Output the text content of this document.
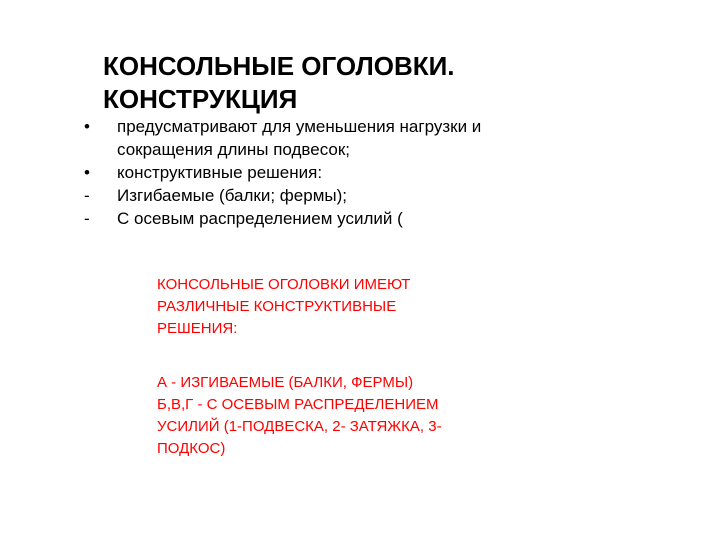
КОНСОЛЬНЫЕ ОГОЛОВКИ.
КОНСТРУКЦИЯ
•	предусматривают для уменьшения нагрузки и
сокращения длины подвесок;
•	конструктивные решения:
-	Изгибаемые (балки; фермы);
-	С осевым распределением усилий (

КОНСОЛЬНЫЕ ОГОЛОВКИ ИМЕЮТ

РАЗЛИЧНЫЕ КОНСТРУКТИВНЫЕ

РЕШЕНИЯ:

А - ИЗГИВАЕМЫЕ (БАЛКИ, ФЕРМЫ)

Б,В,Г - С ОСЕВЫМ РАСПРЕДЕЛЕНИЕМ

УСИЛИЙ (1-ПОДВЕСКА, 2- ЗАТЯЖКА, 3-

ПОДКОС)
